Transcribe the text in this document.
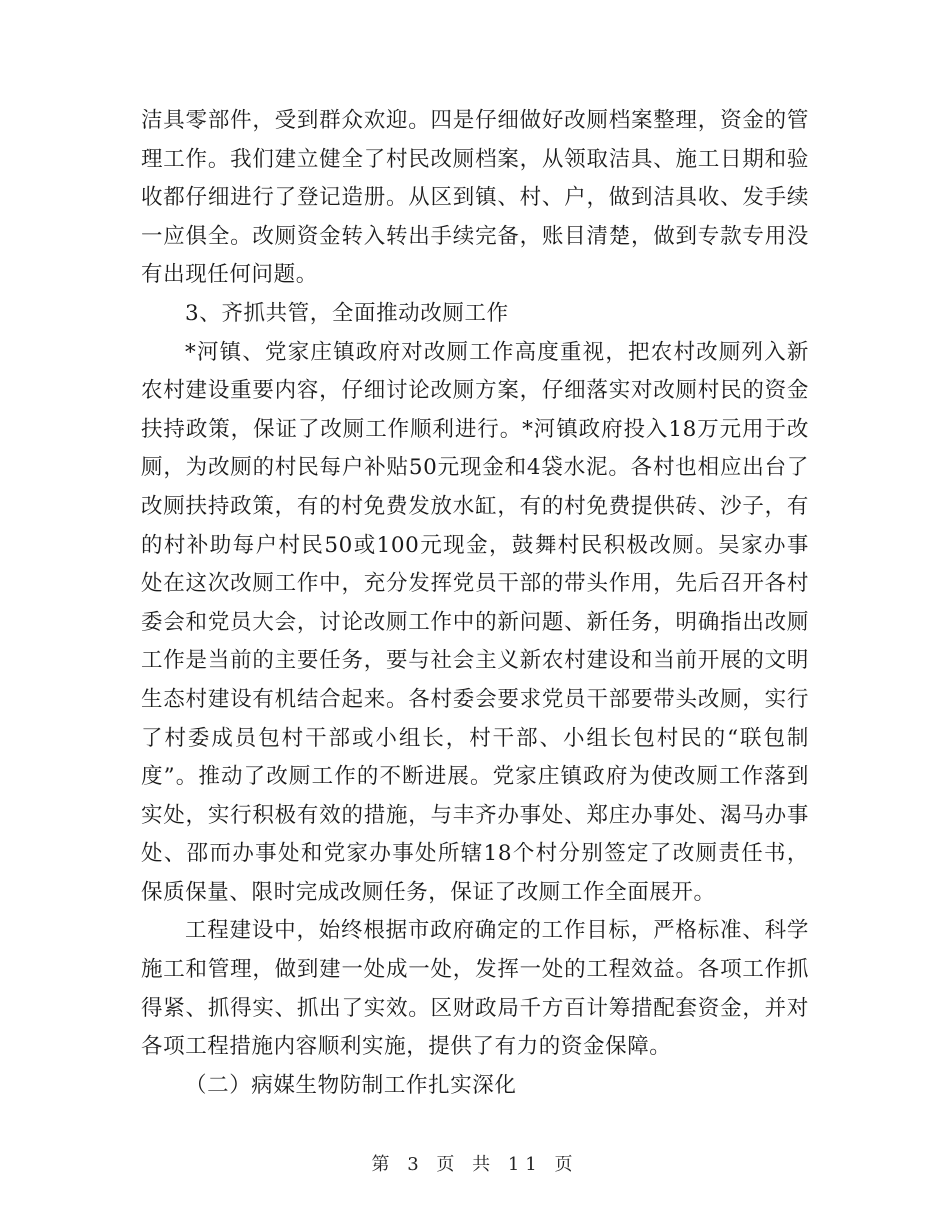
洁具零部件，受到群众欢迎。四是仔细做好改厕档案整理，资金的管理工作。我们建立健全了村民改厕档案，从领取洁具、施工日期和验收都仔细进行了登记造册。从区到镇、村、户，做到洁具收、发手续一应俱全。改厕资金转入转出手续完备，账目清楚，做到专款专用没有出现任何问题。

3、齐抓共管，全面推动改厕工作

*河镇、党家庄镇政府对改厕工作高度重视，把农村改厕列入新农村建设重要内容，仔细讨论改厕方案，仔细落实对改厕村民的资金扶持政策，保证了改厕工作顺利进行。*河镇政府投入18万元用于改厕，为改厕的村民每户补贴50元现金和4袋水泥。各村也相应出台了改厕扶持政策，有的村免费发放水缸，有的村免费提供砖、沙子，有的村补助每户村民50或100元现金，鼓舞村民积极改厕。吴家办事处在这次改厕工作中，充分发挥党员干部的带头作用，先后召开各村委会和党员大会，讨论改厕工作中的新问题、新任务，明确指出改厕工作是当前的主要任务，要与社会主义新农村建设和当前开展的文明生态村建设有机结合起来。各村委会要求党员干部要带头改厕，实行了村委成员包村干部或小组长，村干部、小组长包村民的“联包制度”。推动了改厕工作的不断进展。党家庄镇政府为使改厕工作落到实处，实行积极有效的措施，与丰齐办事处、郑庄办事处、渴马办事处、邵而办事处和党家办事处所辖18个村分别签定了改厕责任书，保质保量、限时完成改厕任务，保证了改厕工作全面展开。

工程建设中，始终根据市政府确定的工作目标，严格标准、科学施工和管理，做到建一处成一处，发挥一处的工程效益。各项工作抓得紧、抓得实、抓出了实效。区财政局千方百计筹措配套资金，并对各项工程措施内容顺利实施，提供了有力的资金保障。

（二）病媒生物防制工作扎实深化

第 3 页 共 11 页
